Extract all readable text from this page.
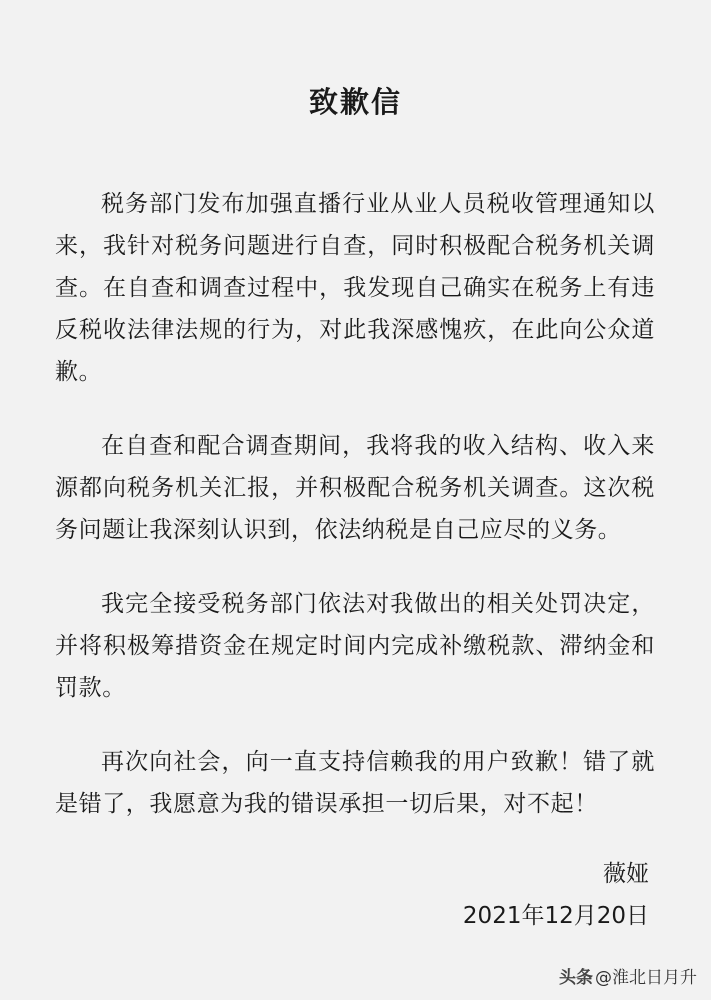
致歉信

税务部门发布加强直播行业从业人员税收管理通知以来，我针对税务问题进行自查，同时积极配合税务机关调查。在自查和调查过程中，我发现自己确实在税务上有违反税收法律法规的行为，对此我深感愧疚，在此向公众道歉。

在自查和配合调查期间，我将我的收入结构、收入来源都向税务机关汇报，并积极配合税务机关调查。这次税务问题让我深刻认识到，依法纳税是自己应尽的义务。

我完全接受税务部门依法对我做出的相关处罚决定，并将积极筹措资金在规定时间内完成补缴税款、滞纳金和罚款。

再次向社会，向一直支持信赖我的用户致歉！错了就是错了，我愿意为我的错误承担一切后果，对不起！

薇娅
2021年12月20日
头条 @淮北日月升
